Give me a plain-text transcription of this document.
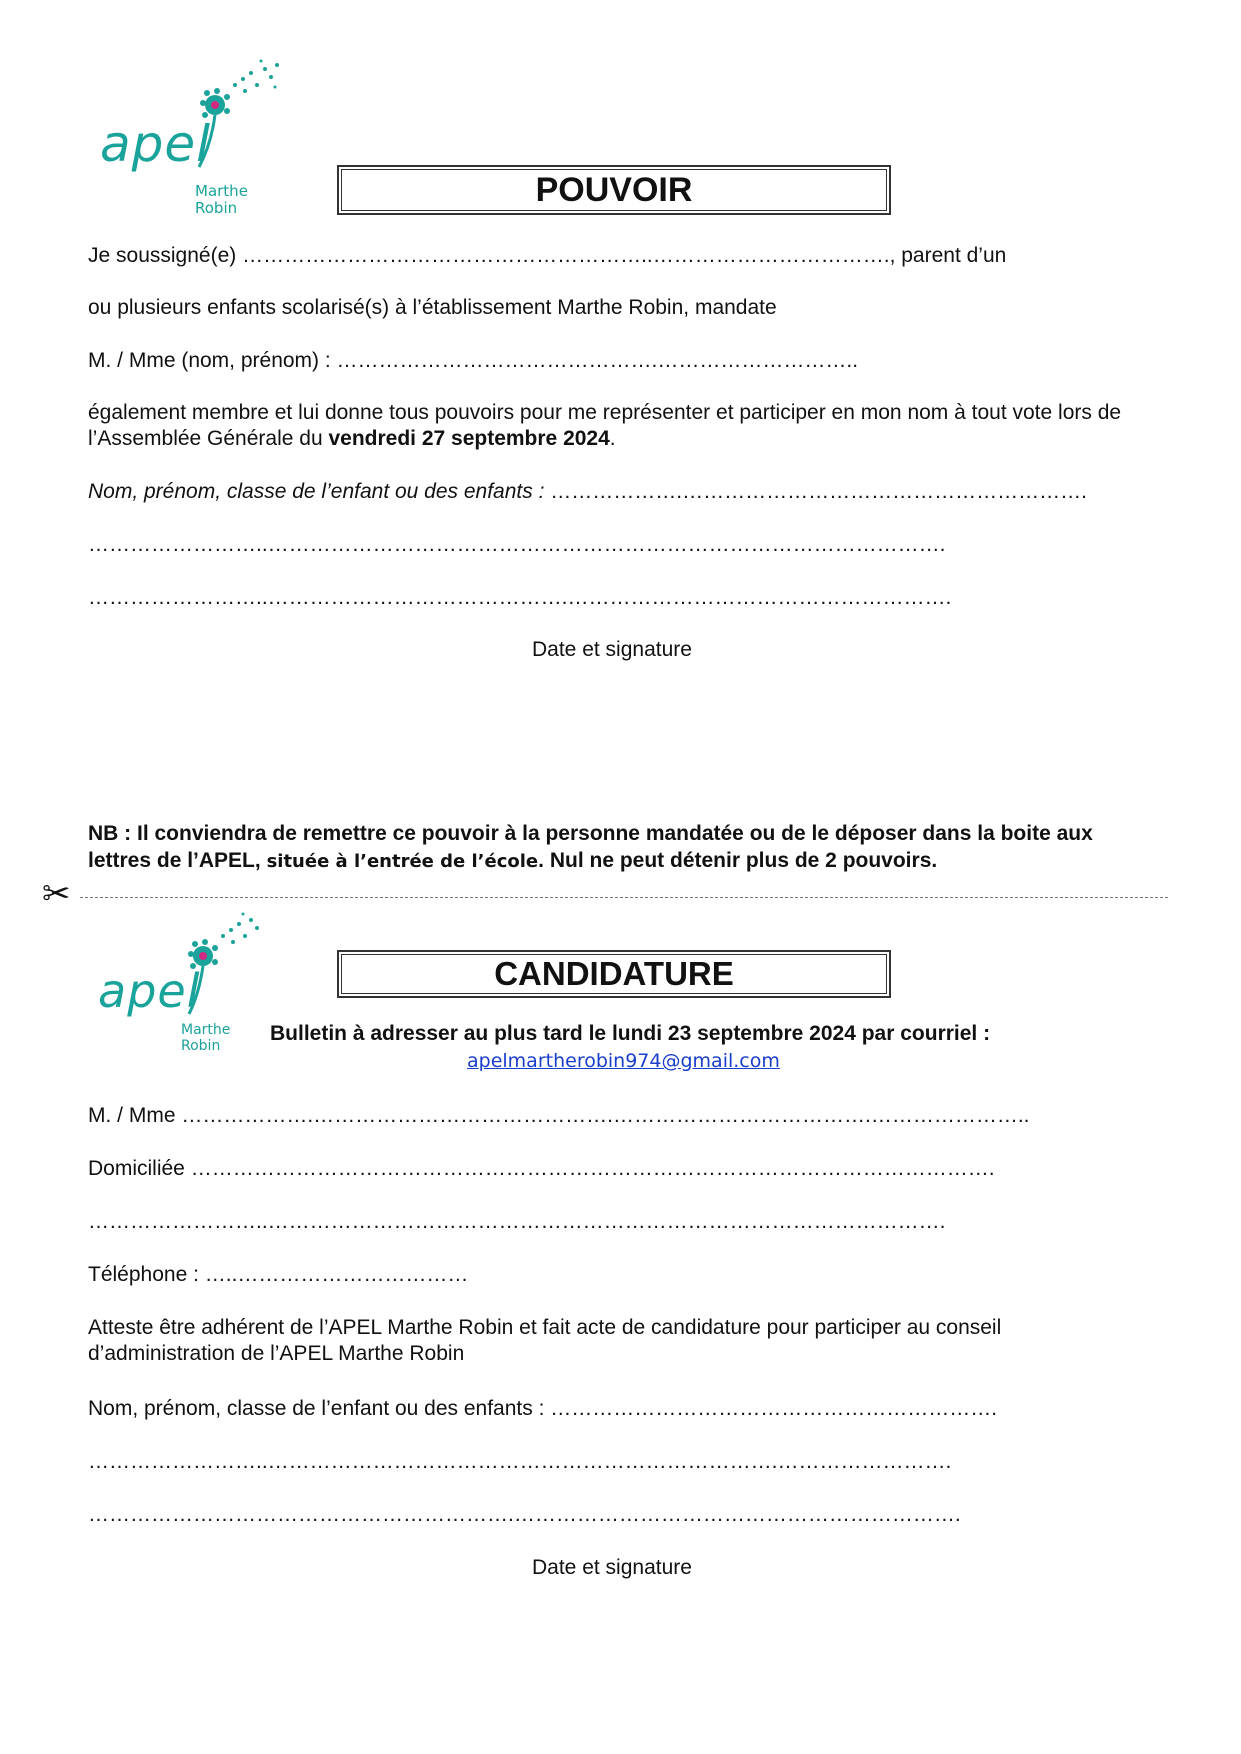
apel
Marthe
Robin	POUVOIR
Je soussigné(e) …………………………………………………..……………………………., parent d’un
ou plusieurs enfants scolarisé(s) à l’établissement Marthe Robin, mandate
M. / Mme (nom, prénom) : ……………………………………….………………………..
également membre et lui donne tous pouvoirs pour me représenter et participer en mon nom à tout vote lors de l’Assemblée Générale du vendredi 27 septembre 2024.
Nom, prénom, classe de l’enfant ou des enfants : ……………….………………………………………………….
……………………..…………………………………………………………………………………….
……………………..…………………………………….……………………………………………….
Date et signature
NB : Il conviendra de remettre ce pouvoir à la personne mandatée ou de le déposer dans la boite aux lettres de l’APEL, située à l’entrée de l’école. Nul ne peut détenir plus de 2 pouvoirs.
✂
apel
Marthe
Robin
CANDIDATURE
Bulletin à adresser au plus tard le lundi 23 septembre 2024 par courriel :
apelmartherobin974@gmail.com
M. / Mme ……………….…………………………………….……………………………….…………………..
Domiciliée …………………………………………………………………………………………………….
……………………..…………………………………………………………………………………….
Téléphone : …..……………………………
Atteste être adhérent de l’APEL Marthe Robin et fait acte de candidature pour participer au conseil d’administration de l’APEL Marthe Robin
Nom, prénom, classe de l’enfant ou des enfants : ……………………………………………………….
……………………..……………………………………………………………….…………………….
…………………………………………………….……………………………………………………….
Date et signature
